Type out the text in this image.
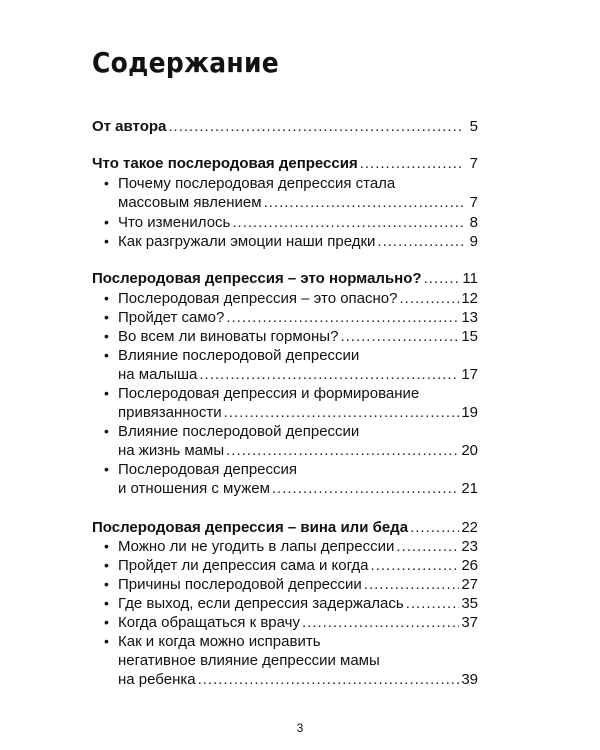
Содержание
От автора .....	5
Что такое послеродовая депрессия .....	7
• Почему послеродовая депрессия стала
массовым явлением .....	7
• Что изменилось .....	8
• Как разгружали эмоции наши предки .....	9
Послеродовая депрессия – это нормально? .....	11
• Послеродовая депрессия – это опасно? .....	12
• Пройдет само? .....	13
• Во всем ли виноваты гормоны? .....	15
• Влияние послеродовой депрессии
на малыша .....	17
• Послеродовая депрессия и формирование
привязанности .....	19
• Влияние послеродовой депрессии
на жизнь мамы .....	20
• Послеродовая депрессия
и отношения с мужем .....	21
Послеродовая депрессия – вина или беда .....	22
• Можно ли не угодить в лапы депрессии .....	23
• Пройдет ли депрессия сама и когда .....	26
• Причины послеродовой депрессии .....	27
• Где выход, если депрессия задержалась .....	35
• Когда обращаться к врачу .....	37
• Как и когда можно исправить
негативное влияние депрессии мамы
на ребенка .....	39
3
